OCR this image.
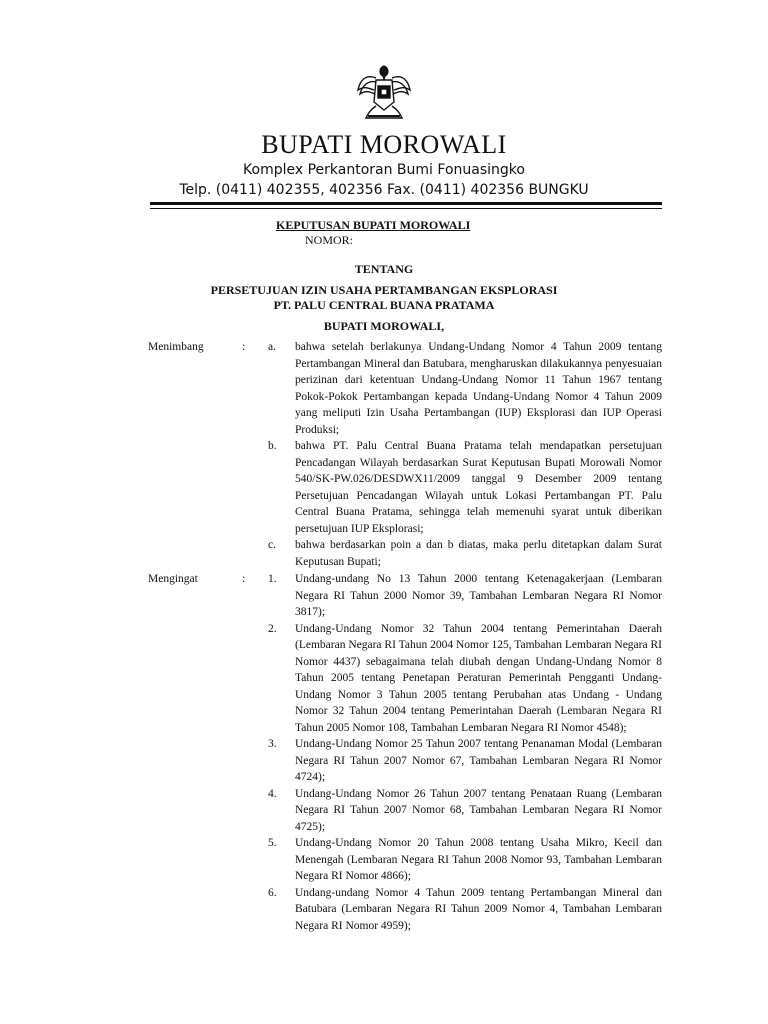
BUPATI MOROWALI
Komplex Perkantoran Bumi Fonuasingko
Telp. (0411) 402355, 402356 Fax. (0411) 402356 BUNGKU
KEPUTUSAN BUPATI MOROWALI
NOMOR:
TENTANG
PERSETUJUAN IZIN USAHA PERTAMBANGAN EKSPLORASI
PT. PALU CENTRAL BUANA PRATAMA
BUPATI MOROWALI,
Menimbang	: a. bahwa setelah berlakunya Undang-Undang Nomor 4 Tahun 2009 tentang Pertambangan Mineral dan Batubara, mengharuskan dilakukannya penyesuaian perizinan dari ketentuan Undang-Undang Nomor 11 Tahun 1967 tentang Pokok-Pokok Pertambangan kepada Undang-Undang Nomor 4 Tahun 2009 yang meliputi Izin Usaha Pertambangan (IUP) Eksplorasi dan IUP Operasi Produksi;
b. bahwa PT. Palu Central Buana Pratama telah mendapatkan persetujuan Pencadangan Wilayah berdasarkan Surat Keputusan Bupati Morowali Nomor 540/SK-PW.026/DESDWX11/2009 tanggal 9 Desember 2009 tentang Persetujuan Pencadangan Wilayah untuk Lokasi Pertambangan PT. Palu Central Buana Pratama, sehingga telah memenuhi syarat untuk diberikan persetujuan IUP Eksplorasi;
c. bahwa berdasarkan poin a dan b diatas, maka perlu ditetapkan dalam Surat Keputusan Bupati;
Mengingat	: 1. Undang-undang No 13 Tahun 2000 tentang Ketenagakerjaan (Lembaran Negara RI Tahun 2000 Nomor 39, Tambahan Lembaran Negara RI Nomor 3817);
2. Undang-Undang Nomor 32 Tahun 2004 tentang Pemerintahan Daerah (Lembaran Negara RI Tahun 2004 Nomor 125, Tambahan Lembaran Negara RI Nomor 4437) sebagaimana telah diubah dengan Undang-Undang Nomor 8 Tahun 2005 tentang Penetapan Peraturan Pemerintah Pengganti Undang-Undang Nomor 3 Tahun 2005 tentang Perubahan atas Undang - Undang Nomor 32 Tahun 2004 tentang Pemerintahan Daerah (Lembaran Negara RI Tahun 2005 Nomor 108, Tambahan Lembaran Negara RI Nomor 4548);
3. Undang-Undang Nomor 25 Tahun 2007 tentang Penanaman Modal (Lembaran Negara RI Tahun 2007 Nomor 67, Tambahan Lembaran Negara RI Nomor 4724);
4. Undang-Undang Nomor 26 Tahun 2007 tentang Penataan Ruang (Lembaran Negara RI Tahun 2007 Nomor 68, Tambahan Lembaran Negara RI Nomor 4725);
5. Undang-Undang Nomor 20 Tahun 2008 tentang Usaha Mikro, Kecil dan Menengah (Lembaran Negara RI Tahun 2008 Nomor 93, Tambahan Lembaran Negara RI Nomor 4866);
6. Undang-undang Nomor 4 Tahun 2009 tentang Pertambangan Mineral dan Batubara (Lembaran Negara RI Tahun 2009 Nomor 4, Tambahan Lembaran Negara RI Nomor 4959);
